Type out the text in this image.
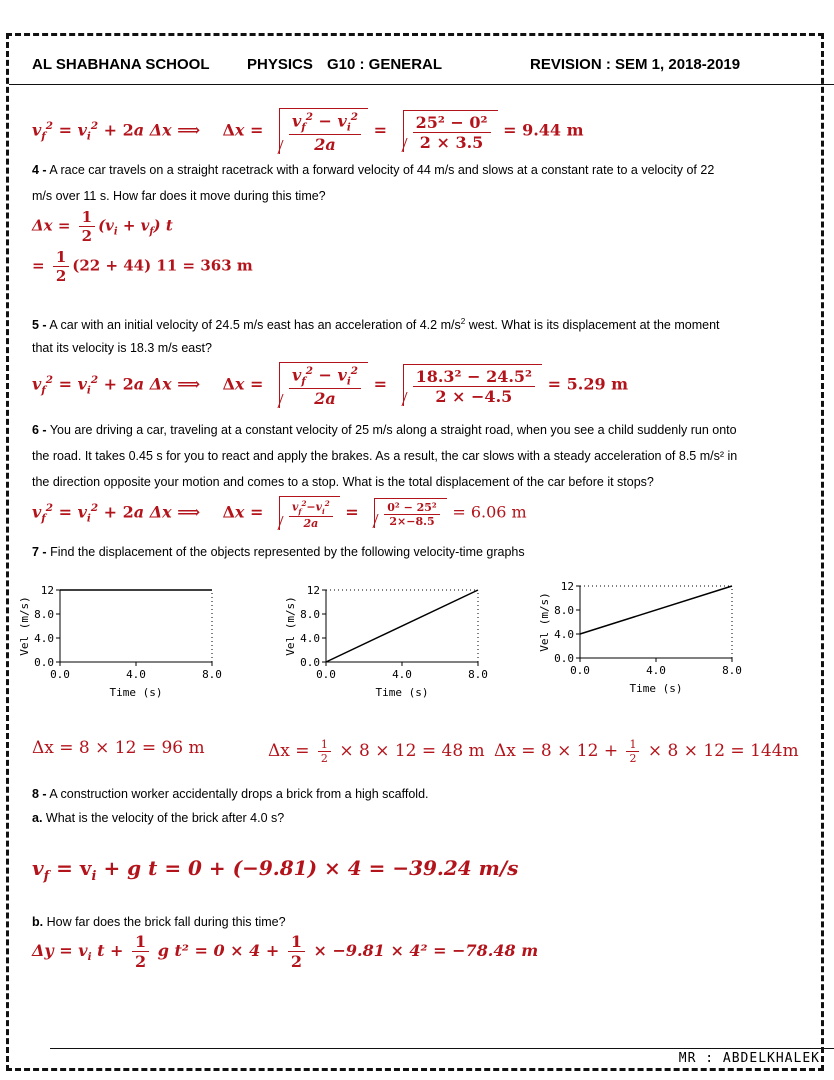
AL SHABHANA SCHOOL PHYSICS G10 : GENERAL	REVISION : SEM 1, 2018-2019
$v_f^2 = v_i^2 + 2a$ Δx ⟹    $\Delta x = \frac{v_f^2 - v_i^2}{2a} = \frac{\text{25² − 0²}}{2 \times 3.5} = 9.44$ m
4 - A race car travels on a straight racetrack with a forward velocity of 44 m/s and slows at a constant rate to a velocity of 22
m/s over 11 s. How far does it move during this time?
$\Delta x = \frac{1}{2} (v_i + v_f)$ t
= $\frac{1}{2} (22 + 44) 11 = 363$ m
5 - A car with an initial velocity of 24.5 m/s east has an acceleration of 4.2 $m/s^2$ west. What is its displacement at the moment
that its velocity is 18.3 m/s east?
$v_f^2 = v_i^2 + 2a$ Δx ⟹    $\Delta x = \frac{v_f^2 - v_i^2}{2a} = \frac{\text{18.3² − 24.5²}}{2 \times -4.5} = 5.29$ m
6 - You are driving a car, traveling at a constant velocity of 25 m/s along a straight road, when you see a child suddenly run onto
the road. It takes 0.45 s for you to react and apply the brakes. As a result, the car slows with a steady acceleration of 8.5 m/s² in
the direction opposite your motion and comes to a stop. What is the total displacement of the car before it stops?
$v_f^2 = v_i^2 + 2a$ Δx ⟹    $\Delta x = \frac{v_f^2-v_i^2}{2a} = \frac{\text{0² − 25²}}{2\times-8.5} = 6.06$ m
7 - Find the displacement of the objects represented by the following velocity-time graphs
12
8.0
4.0
0.0
0.0	4.0	8.0
Time (s)
Vel (m/s)
12
8.0
4.0
0.0
0.0	4.0	8.0
Time (s)
Vel (m/s)
12
8.0
4.0
0.0
0.0	4.0	8.0
Time (s)
Vel (m/s)
Δx = 8 × 12 = 96 m	$\Delta x = \frac{1}{2} \times 8 \times 12 = 48$ m $\Delta x = 8 \times 12 + \frac{1}{2} \times 8 \times 12 = 144m$
8 - A construction worker accidentally drops a brick from a high scaffold.
a. What is the velocity of the brick after 4.0 s?
$v_f = v_i + g$ t = 0 + (−9.81) × 4 = −39.24 m/s
b. How far does the brick fall during this time?
$\Delta y = v_i$ $t + \frac{1}{2}$ g $t^2 = 0 \times 4 + \frac{1}{2} \times -9.81 \times 4^2 = -78.48$ m
MR : ABDELKHALEK
